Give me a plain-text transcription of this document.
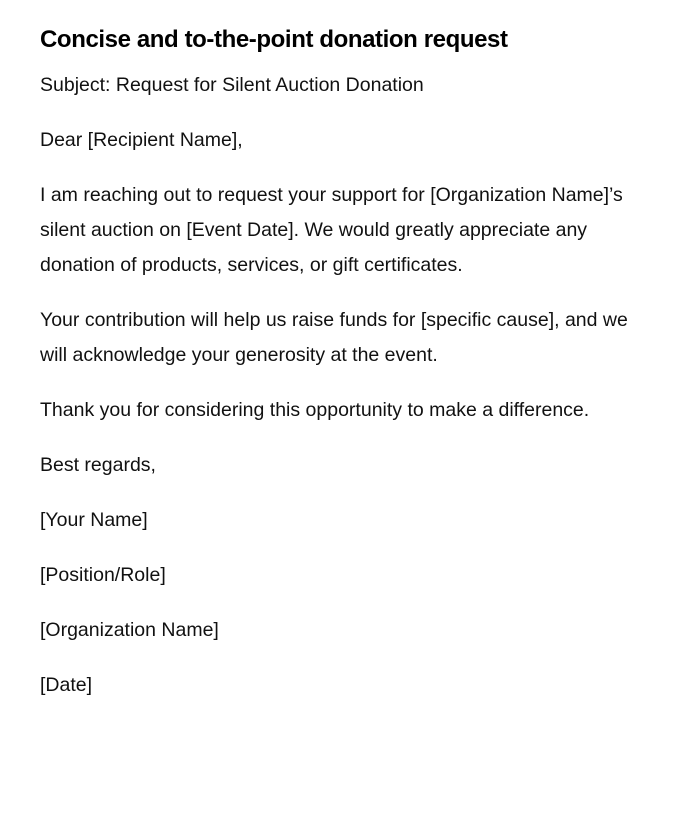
Concise and to-the-point donation request

Subject: Request for Silent Auction Donation

Dear [Recipient Name],

I am reaching out to request your support for [Organization Name]’s silent auction on [Event Date]. We would greatly appreciate any donation of products, services, or gift certificates.

Your contribution will help us raise funds for [specific cause], and we will acknowledge your generosity at the event.

Thank you for considering this opportunity to make a difference.

Best regards,

[Your Name]

[Position/Role]

[Organization Name]

[Date]
